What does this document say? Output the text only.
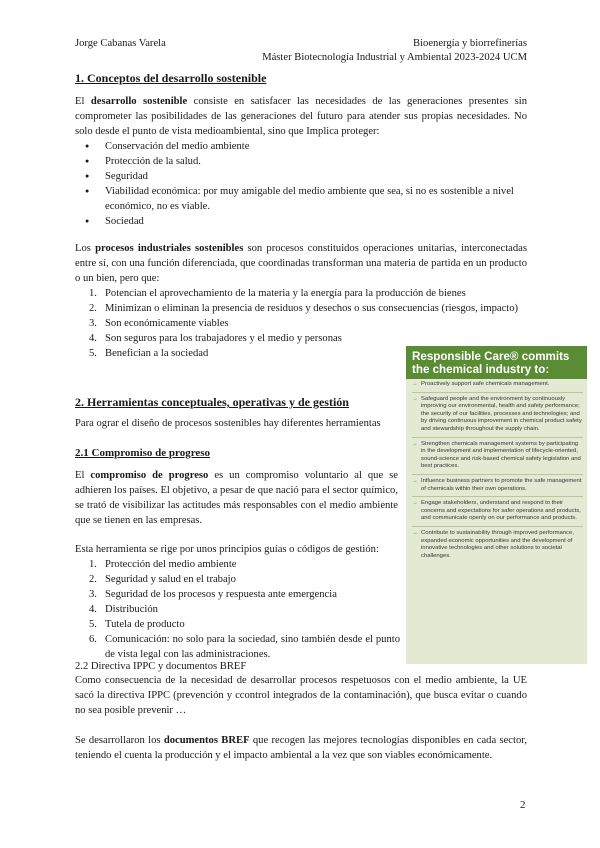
Jorge Cabanas Varela	Bioenergía y biorrefinerías
Máster Biotecnología Industrial y Ambiental 2023-2024 UCM
1. Conceptos del desarrollo sostenible
El desarrollo sostenible consiste en satisfacer las necesidades de las generaciones presentes sin comprometer las posibilidades de las generaciones del futuro para atender sus propias necesidades. No solo desde el punto de vista medioambiental, sino que Implica proteger:
● Conservación del medio ambiente
● Protección de la salud.
● Seguridad
● Viabilidad económica: por muy amigable del medio ambiente que sea, si no es sostenible a nivel económico, no es viable.
● Sociedad
Los procesos industriales sostenibles son procesos constituidos operaciones unitarias, interconectadas entre sí, con una función diferenciada, que coordinadas transforman una materia de partida en un producto o un bien, pero que:
1. Potencian el aprovechamiento de la materia y la energía para la producción de bienes
2. Minimizan o eliminan la presencia de residuos y desechos o sus consecuencias (riesgos, impacto)
3. Son económicamente viables
4. Son seguros para los trabajadores y el medio y personas
5. Benefician a la sociedad
2. Herramientas conceptuales, operativas y de gestión
Para ograr el diseño de procesos sostenibles hay diferentes herramientas
2.1 Compromiso de progreso
El compromiso de progreso es un compromiso voluntario al que se adhieren los países. El objetivo, a pesar de que nació para el sector químico, se trató de visibilizar las actitudes más responsables con el medio ambiente que se tienen en las empresas.
Esta herramienta se rige por unos principios guías o códigos de gestión:
1. Protección del medio ambiente
2. Seguridad y salud en el trabajo
3. Seguridad de los procesos y respuesta ante emergencia
4. Distribución
5. Tutela de producto
6. Comunicación: no solo para la sociedad, sino también desde el punto de vista legal con las administraciones.
2.2 Directiva IPPC y documentos BREF
Como consecuencia de la necesidad de desarrollar procesos respetuosos con el medio ambiente, la UE sacó la directiva IPPC (prevención y ccontrol integrados de la contaminación), que busca evitar o cuando no sea posible prevenir …
Se desarrollaron los documentos BREF que recogen las mejores tecnologías disponibles en cada sector, teniendo el cuenta la producción y el impacto ambiental a la vez que son viables económicamente.
Responsible Care® commits the chemical industry to:
→ Proactively support safe chemicals management.
→ Safeguard people and the environment by continuously improving our environmental, health and safety performance; the security of our facilities, processes and technologies; and by driving continuous improvement in chemical product safety and stewardship throughout the supply chain.
→ Strengthen chemicals management systems by participating in the development and implementation of lifecycle-oriented, sound-science and risk-based chemical safety legislation and best practices.
→ Influence business partners to promote the safe management of chemicals within their own operations.
→ Engage stakeholders, understand and respond to their concerns and expectations for safer operations and products, and communicate openly on our performance and products.
→ Contribute to sustainability through improved performance, expanded economic opportunities and the development of innovative technologies and other solutions to societal challenges.
2
